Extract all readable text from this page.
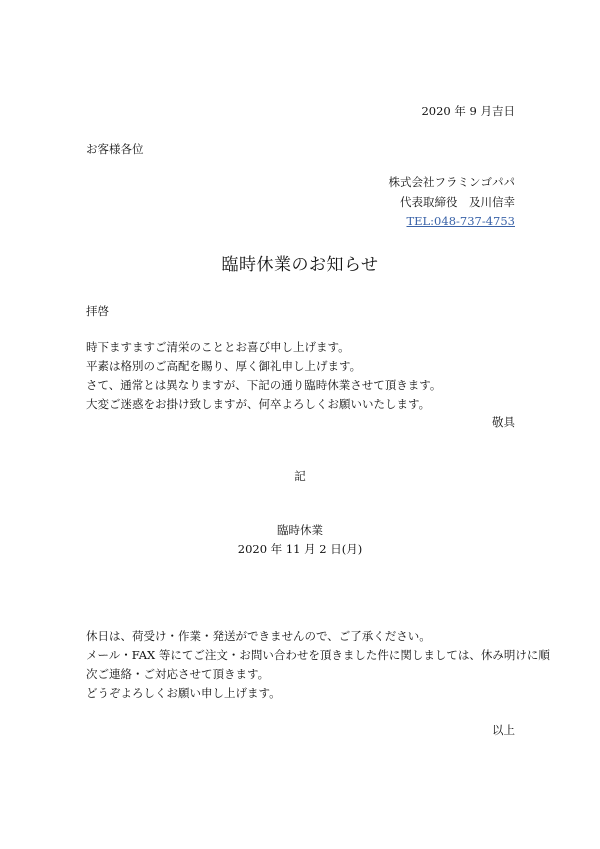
2020 年 9 月吉日
お客様各位
株式会社フラミンゴパパ
代表取締役　及川信幸
TEL:048-737-4753
臨時休業のお知らせ
拝啓
時下ますますご清栄のこととお喜び申し上げます。
平素は格別のご高配を賜り、厚く御礼申し上げます。
さて、通常とは異なりますが、下記の通り臨時休業させて頂きます。
大変ご迷惑をお掛け致しますが、何卒よろしくお願いいたします。
敬具
記
臨時休業
2020 年 11 月 2 日(月)
休日は、荷受け・作業・発送ができませんので、ご了承ください。
メール・FAX 等にてご注文・お問い合わせを頂きました件に関しましては、休み明けに順
次ご連絡・ご対応させて頂きます。
どうぞよろしくお願い申し上げます。
以上
